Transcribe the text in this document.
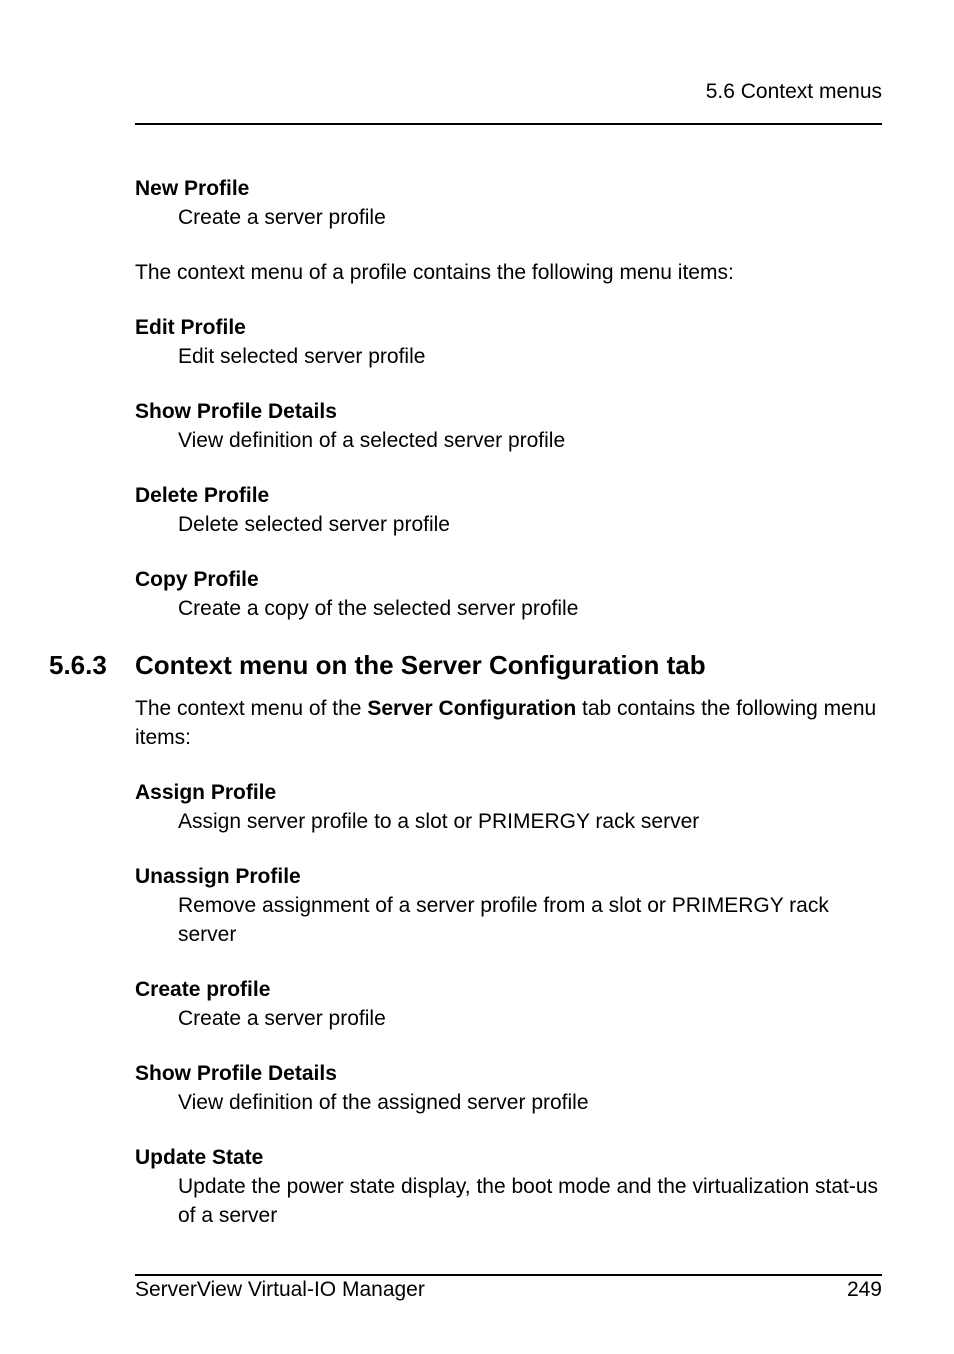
5.6 Context menus
New Profile
Create a server profile

The context menu of a profile contains the following menu items:

Edit Profile
Edit selected server profile
Show Profile Details
View definition of a selected server profile
Delete Profile
Delete selected server profile
Copy Profile
Create a copy of the selected server profile
5.6.3 Context menu on the Server Configuration tab

The context menu of the Server Configuration tab contains the following menu items:

Assign Profile
Assign server profile to a slot or PRIMERGY rack server
Unassign Profile
Remove assignment of a server profile from a slot or PRIMERGY rack server
Create profile
Create a server profile
Show Profile Details
View definition of the assigned server profile
Update State
Update the power state display, the boot mode and the virtualization stat-us of a server
ServerView Virtual-IO Manager	249
